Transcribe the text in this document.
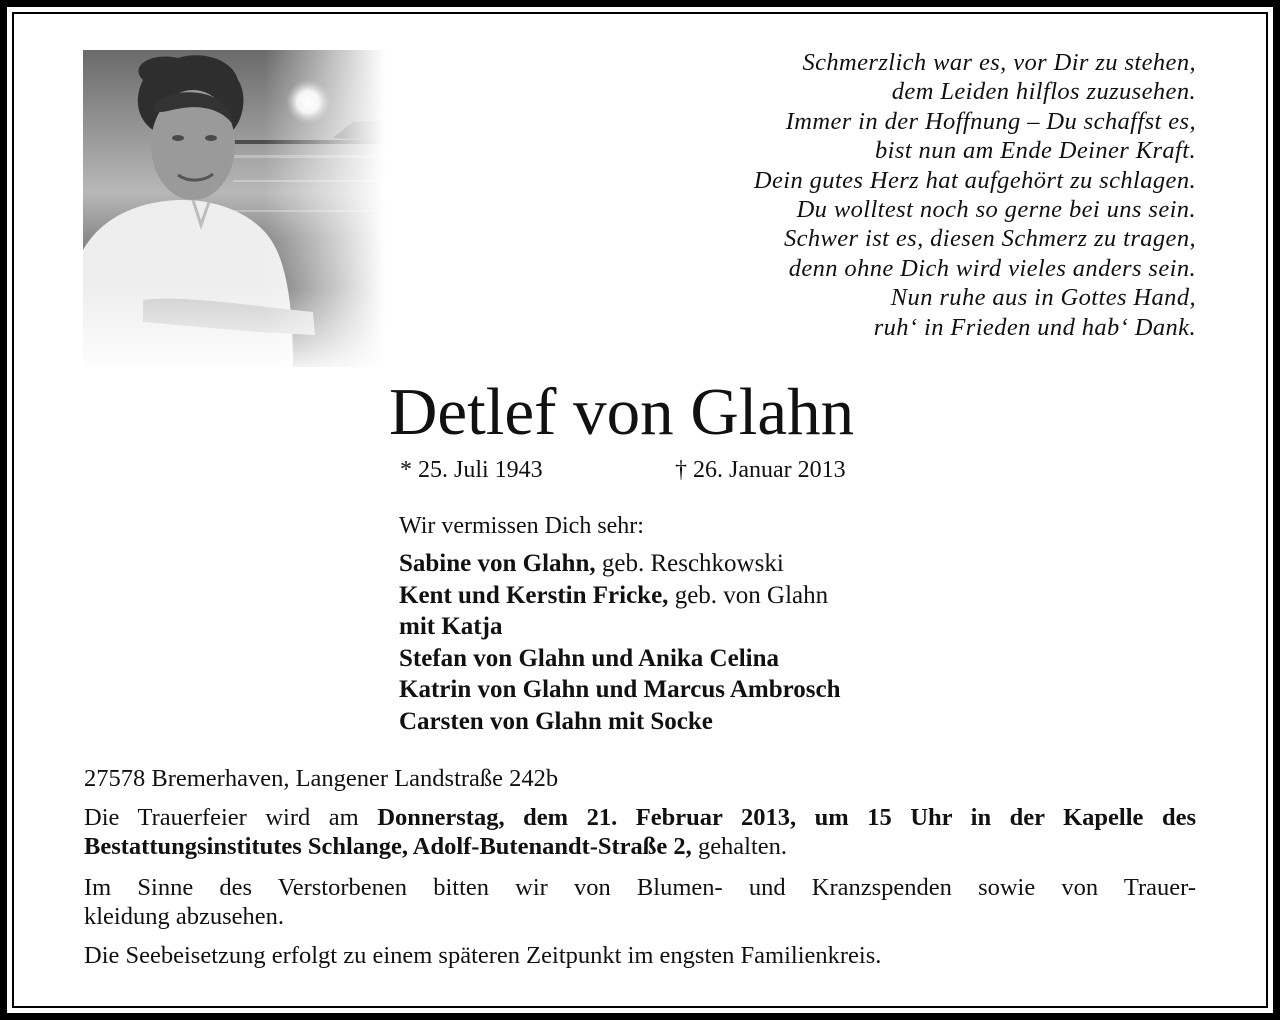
Schmerzlich war es, vor Dir zu stehen,
dem Leiden hilflos zuzusehen.
Immer in der Hoffnung – Du schaffst es,
bist nun am Ende Deiner Kraft.
Dein gutes Herz hat aufgehört zu schlagen.
Du wolltest noch so gerne bei uns sein.
Schwer ist es, diesen Schmerz zu tragen,
denn ohne Dich wird vieles anders sein.
Nun ruhe aus in Gottes Hand,
ruh‘ in Frieden und hab‘ Dank.
Detlef von Glahn
* 25. Juli 1943	† 26. Januar 2013
Wir vermissen Dich sehr:
Sabine von Glahn, geb. Reschkowski
Kent und Kerstin Fricke, geb. von Glahn
mit Katja
Stefan von Glahn und Anika Celina
Katrin von Glahn und Marcus Ambrosch
Carsten von Glahn mit Socke
27578 Bremerhaven, Langener Landstraße 242b
Die Trauerfeier wird am Donnerstag, dem 21. Februar 2013, um 15 Uhr in der Kapelle des
Bestattungsinstitutes Schlange, Adolf-Butenandt-Straße 2, gehalten.
Im Sinne des Verstorbenen bitten wir von Blumen- und Kranzspenden sowie von Trauer-
kleidung abzusehen.
Die Seebeisetzung erfolgt zu einem späteren Zeitpunkt im engsten Familienkreis.
